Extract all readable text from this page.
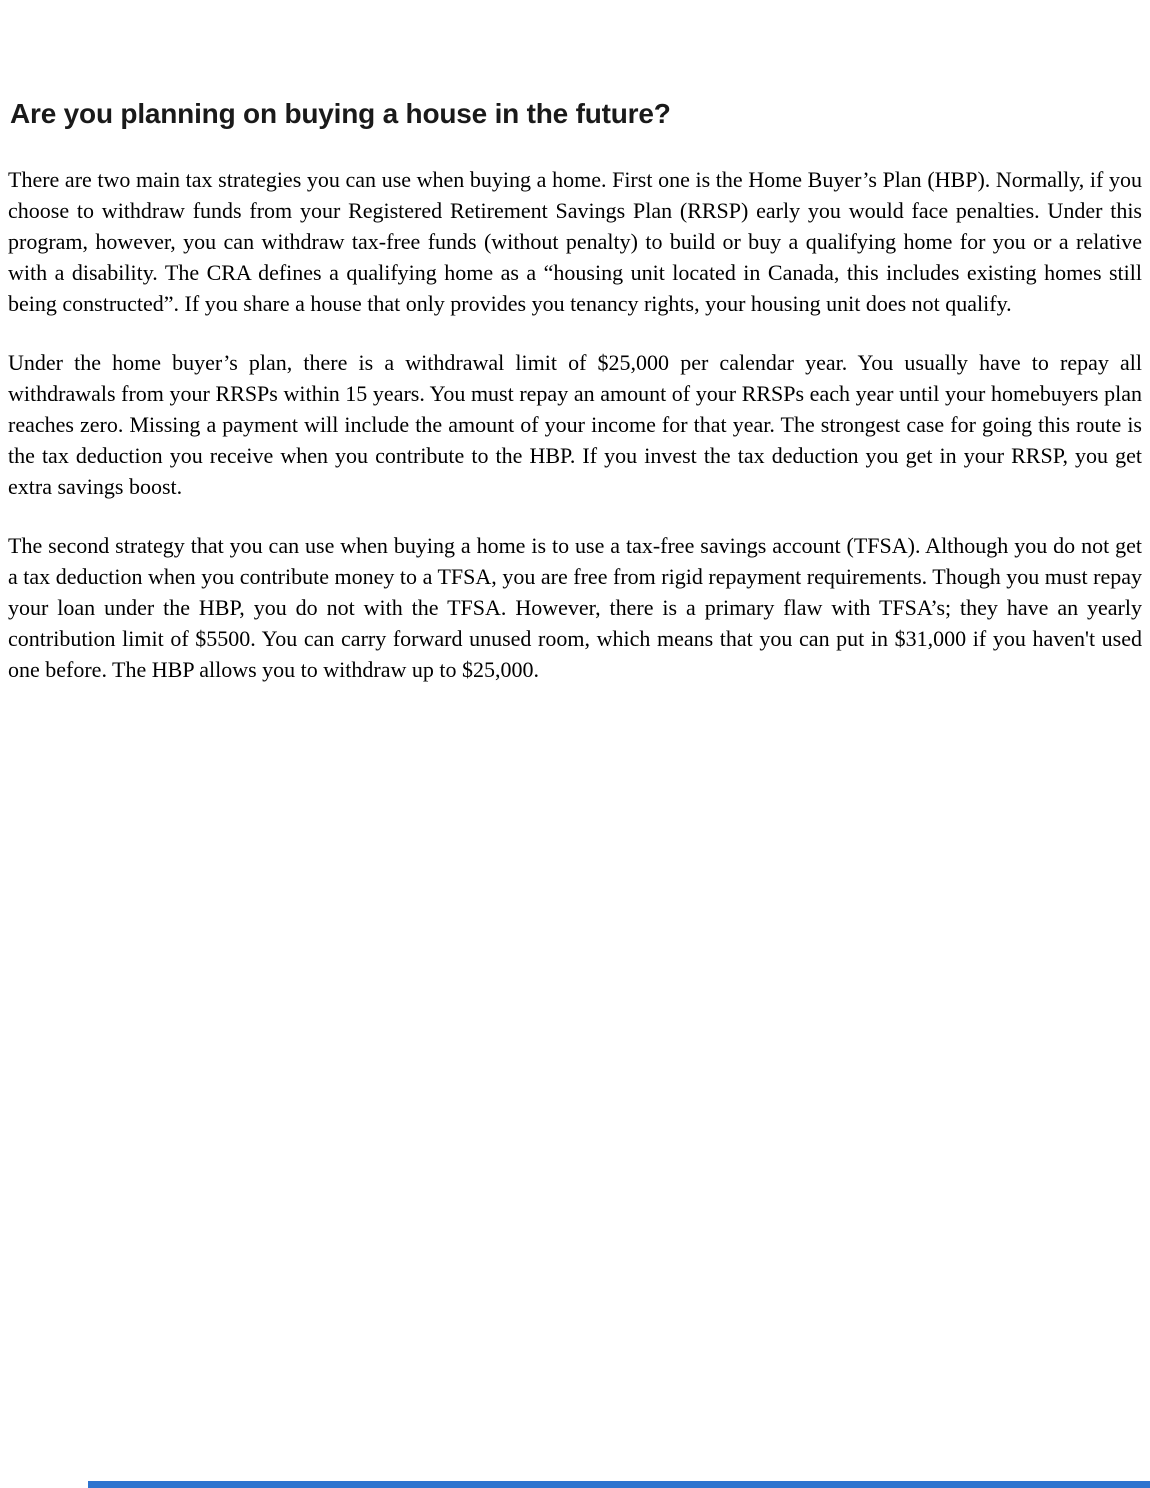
Are you planning on buying a house in the future?

There are two main tax strategies you can use when buying a home. First one is the Home Buyer’s Plan (HBP). Normally, if you choose to withdraw funds from your Registered Retirement Savings Plan (RRSP) early you would face penalties. Under this program, however, you can withdraw tax-free funds (without penalty) to build or buy a qualifying home for you or a relative with a disability. The CRA defines a qualifying home as a “housing unit located in Canada, this includes existing homes still being constructed”. If you share a house that only provides you tenancy rights, your housing unit does not qualify.

Under the home buyer’s plan, there is a withdrawal limit of $25,000 per calendar year. You usually have to repay all withdrawals from your RRSPs within 15 years. You must repay an amount of your RRSPs each year until your homebuyers plan reaches zero. Missing a payment will include the amount of your income for that year. The strongest case for going this route is the tax deduction you receive when you contribute to the HBP. If you invest the tax deduction you get in your RRSP, you get extra savings boost.

The second strategy that you can use when buying a home is to use a tax-free savings account (TFSA). Although you do not get a tax deduction when you contribute money to a TFSA, you are free from rigid repayment requirements. Though you must repay your loan under the HBP, you do not with the TFSA. However, there is a primary flaw with TFSA’s; they have an yearly contribution limit of $5500. You can carry forward unused room, which means that you can put in $31,000 if you haven't used one before. The HBP allows you to withdraw up to $25,000.
